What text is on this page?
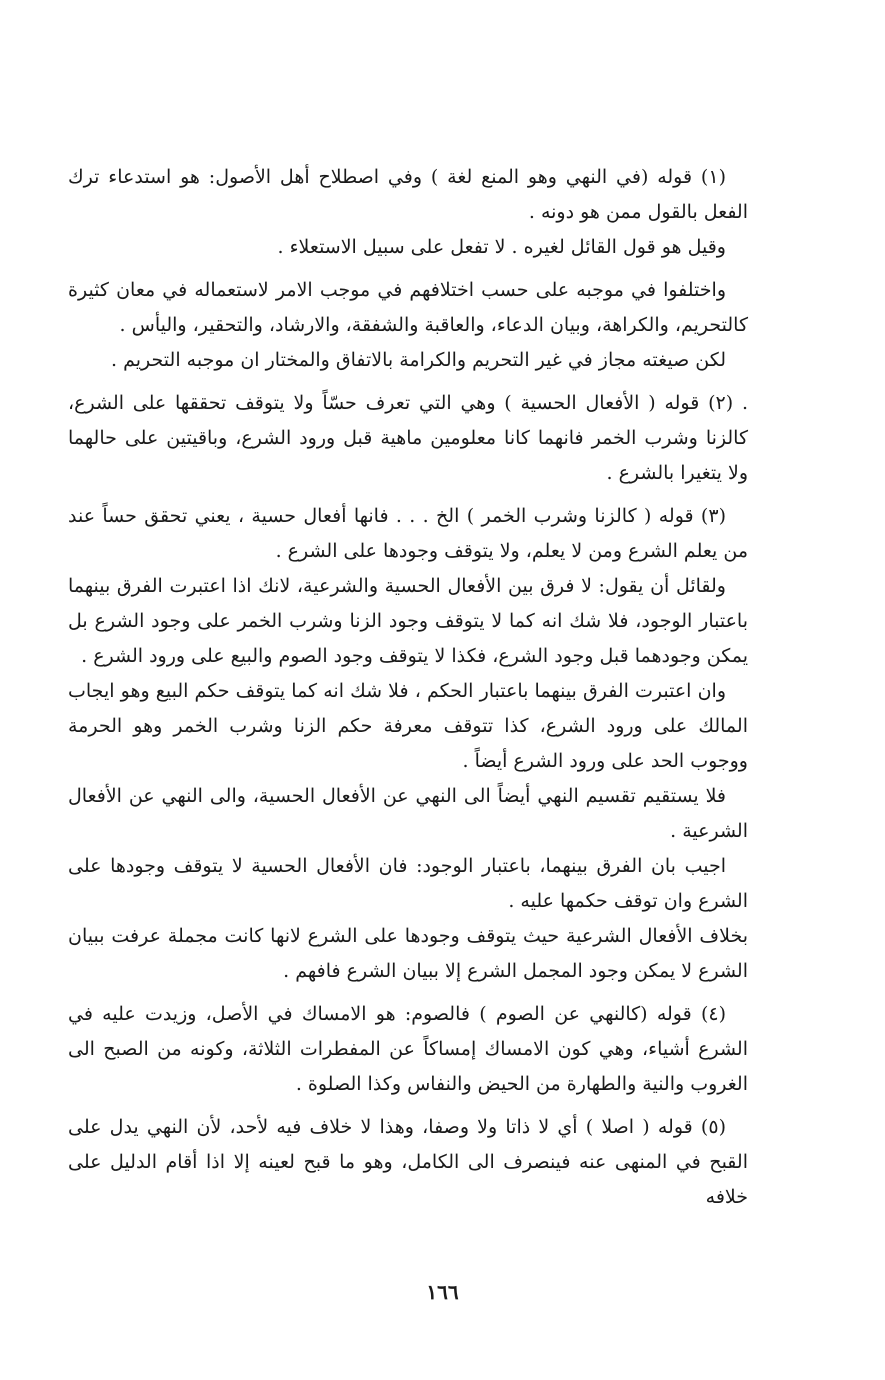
(١) قوله (في النهي وهو المنع لغة ) وفي اصطلاح أهل الأصول: هو استدعاء ترك الفعل بالقول ممن هو دونه .

وقيل هو قول القائل لغيره . لا تفعل على سبيل الاستعلاء .

واختلفوا في موجبه على حسب اختلافهم في موجب الامر لاستعماله في معان كثيرة كالتحريم، والكراهة، وبيان الدعاء، والعاقبة والشفقة، والارشاد، والتحقير، واليأس .

لكن صيغته مجاز في غير التحريم والكرامة بالاتفاق والمختار ان موجبه التحريم .

. (٢) قوله ( الأفعال الحسية ) وهي التي تعرف حسّاً ولا يتوقف تحققها على الشرع، كالزنا وشرب الخمر فانهما كانا معلومين ماهية قبل ورود الشرع، وباقيتين على حالهما ولا يتغيرا بالشرع .

(٣) قوله ( كالزنا وشرب الخمر ) الخ . . . فانها أفعال حسية ، يعني تحقق حساً عند من يعلم الشرع ومن لا يعلم، ولا يتوقف وجودها على الشرع .

ولقائل أن يقول: لا فرق بين الأفعال الحسية والشرعية، لانك اذا اعتبرت الفرق بينهما باعتبار الوجود، فلا شك انه كما لا يتوقف وجود الزنا وشرب الخمر على وجود الشرع بل يمكن وجودهما قبل وجود الشرع، فكذا لا يتوقف وجود الصوم والبيع على ورود الشرع .

وان اعتبرت الفرق بينهما باعتبار الحكم ، فلا شك انه كما يتوقف حكم البيع وهو ايجاب المالك على ورود الشرع، كذا تتوقف معرفة حكم الزنا وشرب الخمر وهو الحرمة ووجوب الحد على ورود الشرع أيضاً .

فلا يستقيم تقسيم النهي أيضاً الى النهي عن الأفعال الحسية، والى النهي عن الأفعال الشرعية .

اجيب بان الفرق بينهما، باعتبار الوجود: فان الأفعال الحسية لا يتوقف وجودها على الشرع وان توقف حكمها عليه .

بخلاف الأفعال الشرعية حيث يتوقف وجودها على الشرع لانها كانت مجملة عرفت ببيان الشرع لا يمكن وجود المجمل الشرع إلا ببيان الشرع فافهم .

(٤) قوله (كالنهي عن الصوم ) فالصوم: هو الامساك في الأصل، وزيدت عليه في الشرع أشياء، وهي كون الامساك إمساكاً عن المفطرات الثلاثة، وكونه من الصبح الى الغروب والنية والطهارة من الحيض والنفاس وكذا الصلوة .

(٥) قوله ( اصلا ) أي لا ذاتا ولا وصفا، وهذا لا خلاف فيه لأحد، لأن النهي يدل على القبح في المنهى عنه فينصرف الى الكامل، وهو ما قبح لعينه إلا اذا أقام الدليل على خلافه

١٦٦
